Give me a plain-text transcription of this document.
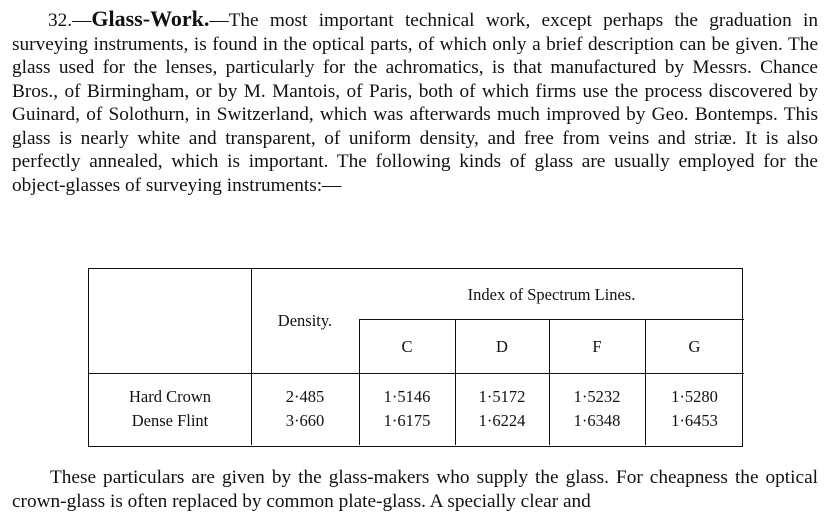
32.—Glass-Work.—The most important technical work, except perhaps the graduation in surveying instruments, is found in the optical parts, of which only a brief description can be given. The glass used for the lenses, particularly for the achromatics, is that manufactured by Messrs. Chance Bros., of Birmingham, or by M. Mantois, of Paris, both of which firms use the process discovered by Guinard, of Solothurn, in Switzerland, which was afterwards much improved by Geo. Bontemps. This glass is nearly white and transparent, of uniform density, and free from veins and striæ. It is also perfectly annealed, which is important. The following kinds of glass are usually employed for the object-glasses of surveying instruments:—

Density.
Index of Spectrum Lines.
C	D	F	G
Hard Crown	2·485	1·5146	1·5172	1·5232	1·5280
Dense Flint	3·660	1·6175	1·6224	1·6348	1·6453

These particulars are given by the glass-makers who supply the glass. For cheapness the optical crown-glass is often replaced by common plate-glass. A specially clear and
